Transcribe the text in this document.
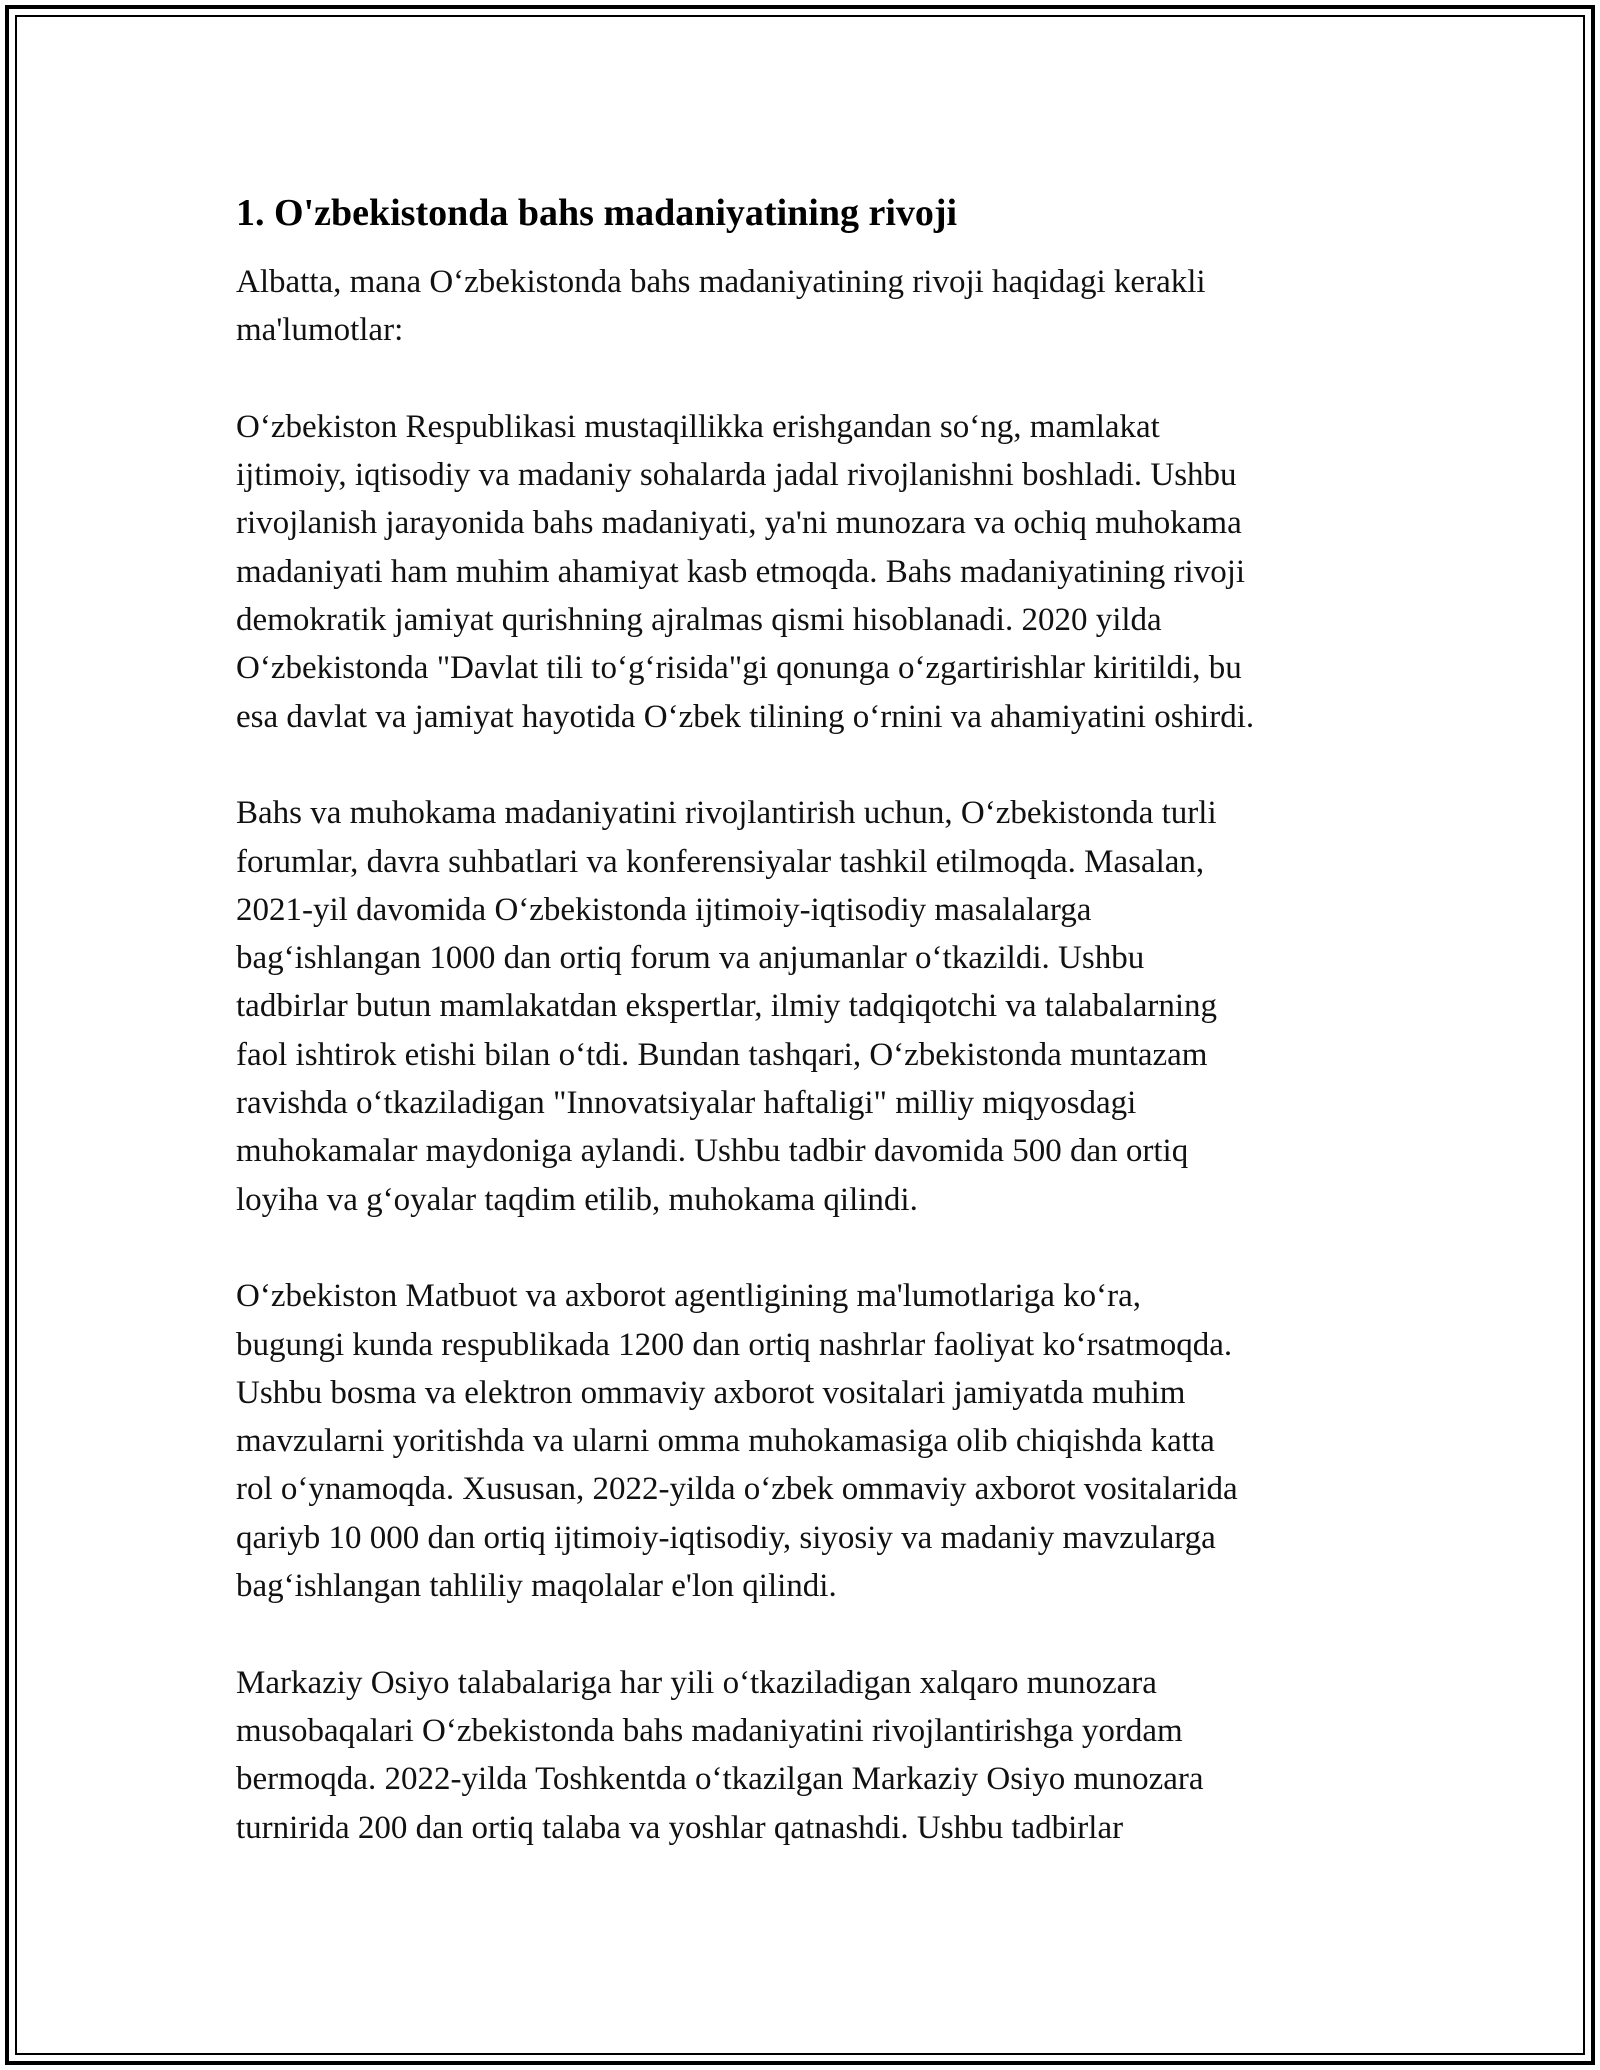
1. O'zbekistonda bahs madaniyatining rivoji

Albatta, mana O‘zbekistonda bahs madaniyatining rivoji haqidagi kerakli
ma'lumotlar:

O‘zbekiston Respublikasi mustaqillikka erishgandan so‘ng, mamlakat
ijtimoiy, iqtisodiy va madaniy sohalarda jadal rivojlanishni boshladi. Ushbu
rivojlanish jarayonida bahs madaniyati, ya'ni munozara va ochiq muhokama
madaniyati ham muhim ahamiyat kasb etmoqda. Bahs madaniyatining rivoji
demokratik jamiyat qurishning ajralmas qismi hisoblanadi. 2020 yilda
O‘zbekistonda "Davlat tili to‘g‘risida"gi qonunga o‘zgartirishlar kiritildi, bu
esa davlat va jamiyat hayotida O‘zbek tilining o‘rnini va ahamiyatini oshirdi.

Bahs va muhokama madaniyatini rivojlantirish uchun, O‘zbekistonda turli
forumlar, davra suhbatlari va konferensiyalar tashkil etilmoqda. Masalan,
2021-yil davomida O‘zbekistonda ijtimoiy-iqtisodiy masalalarga
bag‘ishlangan 1000 dan ortiq forum va anjumanlar o‘tkazildi. Ushbu
tadbirlar butun mamlakatdan ekspertlar, ilmiy tadqiqotchi va talabalarning
faol ishtirok etishi bilan o‘tdi. Bundan tashqari, O‘zbekistonda muntazam
ravishda o‘tkaziladigan "Innovatsiyalar haftaligi" milliy miqyosdagi
muhokamalar maydoniga aylandi. Ushbu tadbir davomida 500 dan ortiq
loyiha va g‘oyalar taqdim etilib, muhokama qilindi.

O‘zbekiston Matbuot va axborot agentligining ma'lumotlariga ko‘ra,
bugungi kunda respublikada 1200 dan ortiq nashrlar faoliyat ko‘rsatmoqda.
Ushbu bosma va elektron ommaviy axborot vositalari jamiyatda muhim
mavzularni yoritishda va ularni omma muhokamasiga olib chiqishda katta
rol o‘ynamoqda. Xususan, 2022-yilda o‘zbek ommaviy axborot vositalarida
qariyb 10 000 dan ortiq ijtimoiy-iqtisodiy, siyosiy va madaniy mavzularga
bag‘ishlangan tahliliy maqolalar e'lon qilindi.

Markaziy Osiyo talabalariga har yili o‘tkaziladigan xalqaro munozara
musobaqalari O‘zbekistonda bahs madaniyatini rivojlantirishga yordam
bermoqda. 2022-yilda Toshkentda o‘tkazilgan Markaziy Osiyo munozara
turnirida 200 dan ortiq talaba va yoshlar qatnashdi. Ushbu tadbirlar
